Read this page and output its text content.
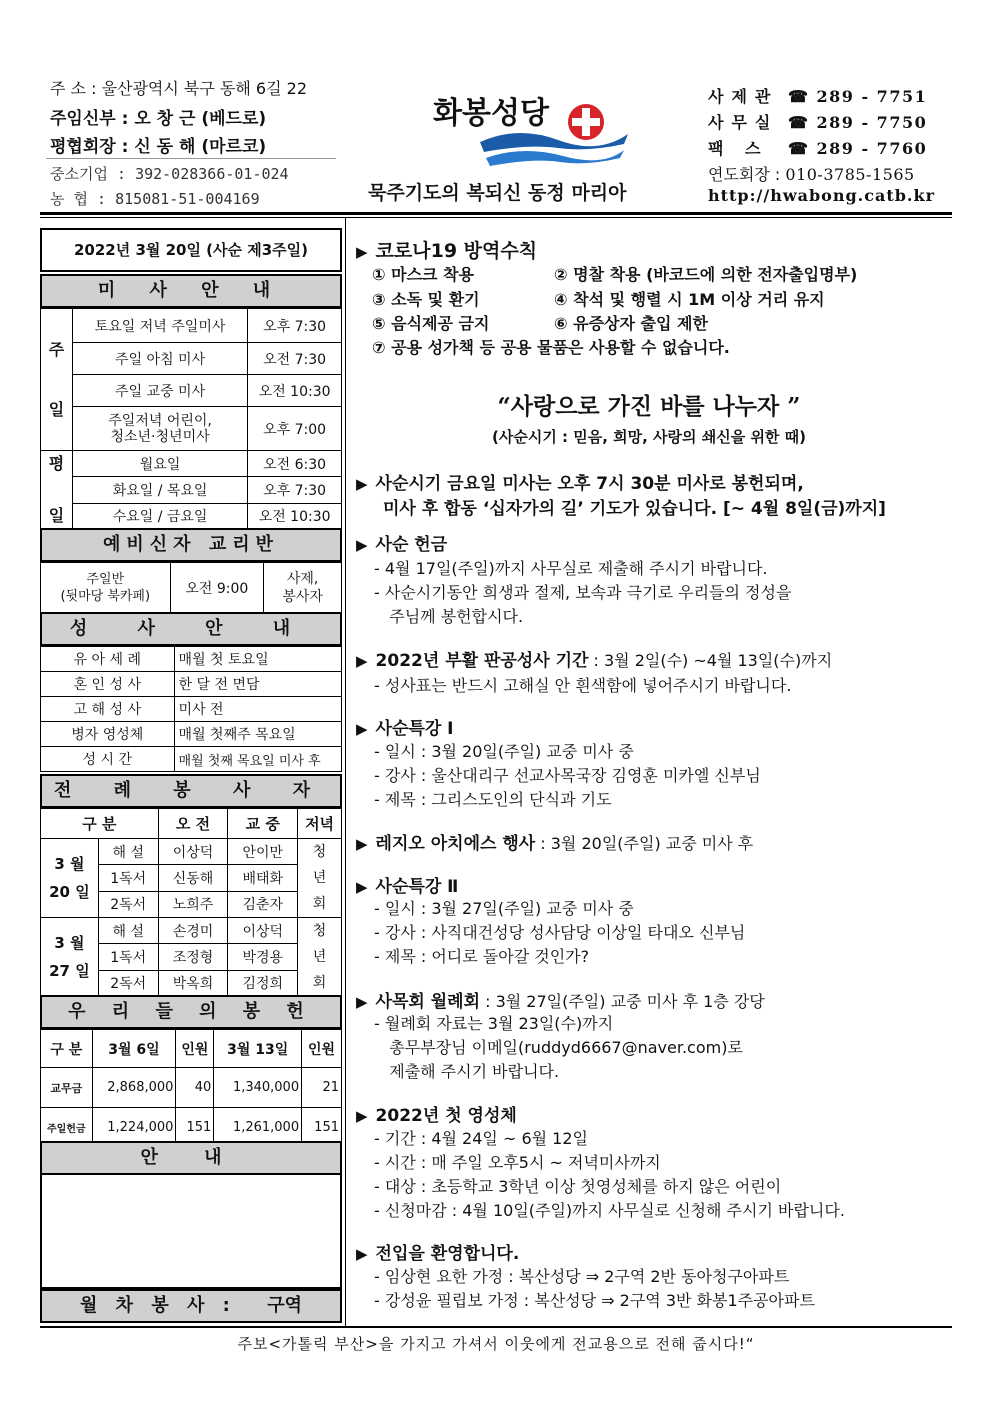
주 소 : 울산광역시 북구 동해 6길 22
주임신부 : 오 창 근 (베드로)
평협회장 : 신 동 해 (마르코)
중소기업 : 392-028366-01-024
농 협 : 815081-51-004169
화봉성당
묵주기도의 복되신 동정 마리아
사제관 ☎ 289 - 7751
사무실 ☎ 289 - 7750
팩 스 ☎ 289 - 7760
연도회장 : 010-3785-1565
http://hwabong.catb.kr
2022년 3월 20일 (사순 제3주일)
미 사 안 내
주

일	토요일 저녁 주일미사	오후 7:30
	주일 아침 미사	오전 7:30
	주일 교중 미사	오전 10:30
	주일저녁 어린이,
청소년·청년미사	오후 7:00
평

일	월요일	오전 6:30
	화요일 / 목요일	오후 7:30
	수요일 / 금요일	오전 10:30
예비신자 교리반
주일반
(뒷마당 북카페)	오전 9:00	사제,
봉사자
성 사 안 내
유 아 세 례	매월 첫 토요일
혼 인 성 사	한 달 전 면담
고 해 성 사	미사 전
병자 영성체	매월 첫째주 목요일
성 시 간	매월 첫째 목요일 미사 후
전 례 봉 사 자
구 분		오 전	교 중	저녁
3 월
20 일	해 설	이상덕	안이만	청
년
회
	1독서	신동해	배태화	
	2독서	노희주	김춘자	
3 월
27 일	해 설	손경미	이상덕	청
년
회
	1독서	조정형	박경용	
	2독서	박옥희	김정희	
우 리 들 의 봉 헌
구 분	3월 6일	인원	3월 13일	인원
교무금	2,868,000	40	1,340,000	21
주일헌금	1,224,000	151	1,261,000	151
안 내
월 차 봉 사 : 구역
▶ 코로나19 방역수칙
① 마스크 착용	② 명찰 착용 (바코드에 의한 전자출입명부)
③ 소독 및 환기	④ 착석 및 행렬 시 1M 이상 거리 유지
⑤ 음식제공 금지	⑥ 유증상자 출입 제한
⑦ 공용 성가책 등 공용 물품은 사용할 수 없습니다.
“사랑으로 가진 바를 나누자 ”
(사순시기 : 믿음, 희망, 사랑의 쇄신을 위한 때)
▶ 사순시기 금요일 미사는 오후 7시 30분 미사로 봉헌되며,
미사 후 합동 ‘십자가의 길’ 기도가 있습니다. [~ 4월 8일(금)까지]
▶ 사순 헌금
- 4월 17일(주일)까지 사무실로 제출해 주시기 바랍니다.
- 사순시기동안 희생과 절제, 보속과 극기로 우리들의 정성을
주님께 봉헌합시다.
▶ 2022년 부활 판공성사 기간 : 3월 2일(수) ~4월 13일(수)까지
- 성사표는 반드시 고해실 안 흰색함에 넣어주시기 바랍니다.
▶ 사순특강 Ⅰ
- 일시 : 3월 20일(주일) 교중 미사 중
- 강사 : 울산대리구 선교사목국장 김영훈 미카엘 신부님
- 제목 : 그리스도인의 단식과 기도
▶ 레지오 아치에스 행사 : 3월 20일(주일) 교중 미사 후
▶ 사순특강 Ⅱ
- 일시 : 3월 27일(주일) 교중 미사 중
- 강사 : 사직대건성당 성사담당 이상일 타대오 신부님
- 제목 : 어디로 돌아갈 것인가?
▶ 사목회 월례회 : 3월 27일(주일) 교중 미사 후 1층 강당
- 월례회 자료는 3월 23일(수)까지
총무부장님 이메일(ruddyd6667@naver.com)로
제출해 주시기 바랍니다.
▶ 2022년 첫 영성체
- 기간 : 4월 24일 ~ 6월 12일
- 시간 : 매 주일 오후5시 ~ 저녁미사까지
- 대상 : 초등학교 3학년 이상 첫영성체를 하지 않은 어린이
- 신청마감 : 4월 10일(주일)까지 사무실로 신청해 주시기 바랍니다.
▶ 전입을 환영합니다.
- 임상현 요한 가정 : 복산성당 ⇒ 2구역 2반 동아청구아파트
- 강성윤 필립보 가정 : 복산성당 ⇒ 2구역 3반 화봉1주공아파트
주보<가톨릭 부산>을 가지고 가셔서 이웃에게 전교용으로 전해 줍시다!“
